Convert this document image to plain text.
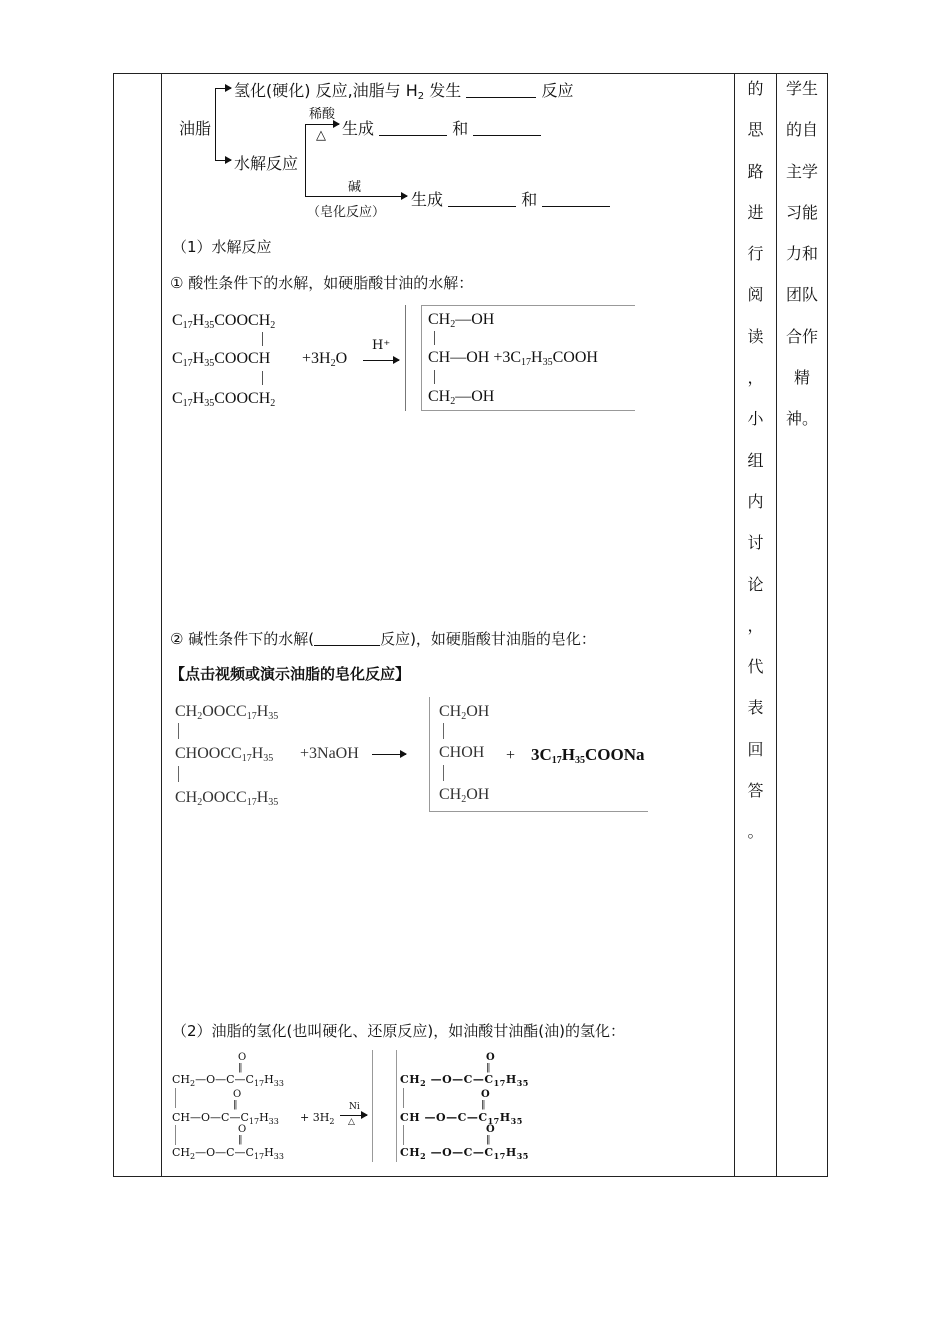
油脂
氢化(硬化) 反应,油脂与 $H_2$ 发生	反应
水解反应
稀酸
△ 生成	和
碱
（皂化反应）
生成	和
（1）水解反应
① 酸性条件下的水解，如硬脂酸甘油的水解：
$C_{17}H_{35}COOCH_2$
$C_{17}H_{35}COOCH$
$C_{17}H_{35}COOCH_2$
$+3H_2O$
H⁺
$CH_2—OH$
CH—OH $+3C_{17}H_{35}COOH$
$CH_2—OH$
② 碱性条件下的水解(	反应)，如硬脂酸甘油脂的皂化：
【点击视频或演示油脂的皂化反应】
$CH_2OOCC_{17}H_{35}$
$CHOOCC_{17}H_{35}$
$CH_2OOCC_{17}H_{35}$
+3NaOH
$CH_2OH$
CHOH
$CH_2OH$
+ $3C_{17}H_{35}COONa$
（2）油脂的氢化(也叫硬化、还原反应)，如油酸甘油酯(油)的氢化：
O
‖
$CH_2—O—C—C_{17}H_{33}$
O
‖
$CH—O—C—C_{17}H_{33}$
O
‖
$CH_2—O—C—C_{17}H_{33}$
+ $3H_2$
Ni
△
O
‖
$CH_2$ $—O—C—C_{17}H_{35}$
O
‖
CH $—O—C—C_{17}H_{35}$
O
‖
$CH_2$ $—O—C—C_{17}H_{35}$
的
思
路
进
行
阅
读
，
小
组
内
讨
论
，
代
表
回
答
。
学生
的自
主学
习能
力和
团队
合作
精
神。
